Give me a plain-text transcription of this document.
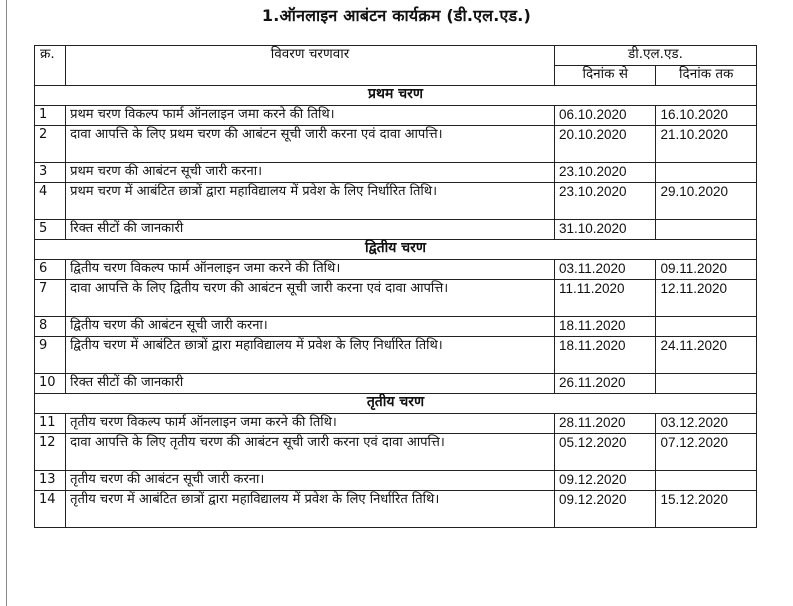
1.ऑनलाइन आबंटन कार्यक्रम (डी.एल.एड.)
क्र.	विवरण चरणवार	डी.एल.एड.	
		दिनांक से	दिनांक तक
प्रथम चरण			
1	प्रथम चरण विकल्प फार्म ऑनलाइन जमा करने की तिथि।	06.10.2020	16.10.2020
2	दावा आपत्ति के लिए प्रथम चरण की आबंटन सूची जारी करना एवं दावा आपत्ति।	20.10.2020	21.10.2020
3	प्रथम चरण की आबंटन सूची जारी करना।	23.10.2020	
4	प्रथम चरण में आबंटित छात्रों द्वारा महाविद्यालय में प्रवेश के लिए निर्धारित तिथि।	23.10.2020	29.10.2020
5	रिक्त सीटों की जानकारी	31.10.2020	
द्वितीय चरण			
6	द्वितीय चरण विकल्प फार्म ऑनलाइन जमा करने की तिथि।	03.11.2020	09.11.2020
7	दावा आपत्ति के लिए द्वितीय चरण की आबंटन सूची जारी करना एवं दावा आपत्ति।	11.11.2020	12.11.2020
8	द्वितीय चरण की आबंटन सूची जारी करना।	18.11.2020	
9	द्वितीय चरण में आबंटित छात्रों द्वारा महाविद्यालय में प्रवेश के लिए निर्धारित तिथि।	18.11.2020	24.11.2020
10	रिक्त सीटों की जानकारी	26.11.2020	
तृतीय चरण			
11	तृतीय चरण विकल्प फार्म ऑनलाइन जमा करने की तिथि।	28.11.2020	03.12.2020
12	दावा आपत्ति के लिए तृतीय चरण की आबंटन सूची जारी करना एवं दावा आपत्ति।	05.12.2020	07.12.2020
13	तृतीय चरण की आबंटन सूची जारी करना।	09.12.2020	
14	तृतीय चरण में आबंटित छात्रों द्वारा महाविद्यालय में प्रवेश के लिए निर्धारित तिथि।	09.12.2020	15.12.2020
